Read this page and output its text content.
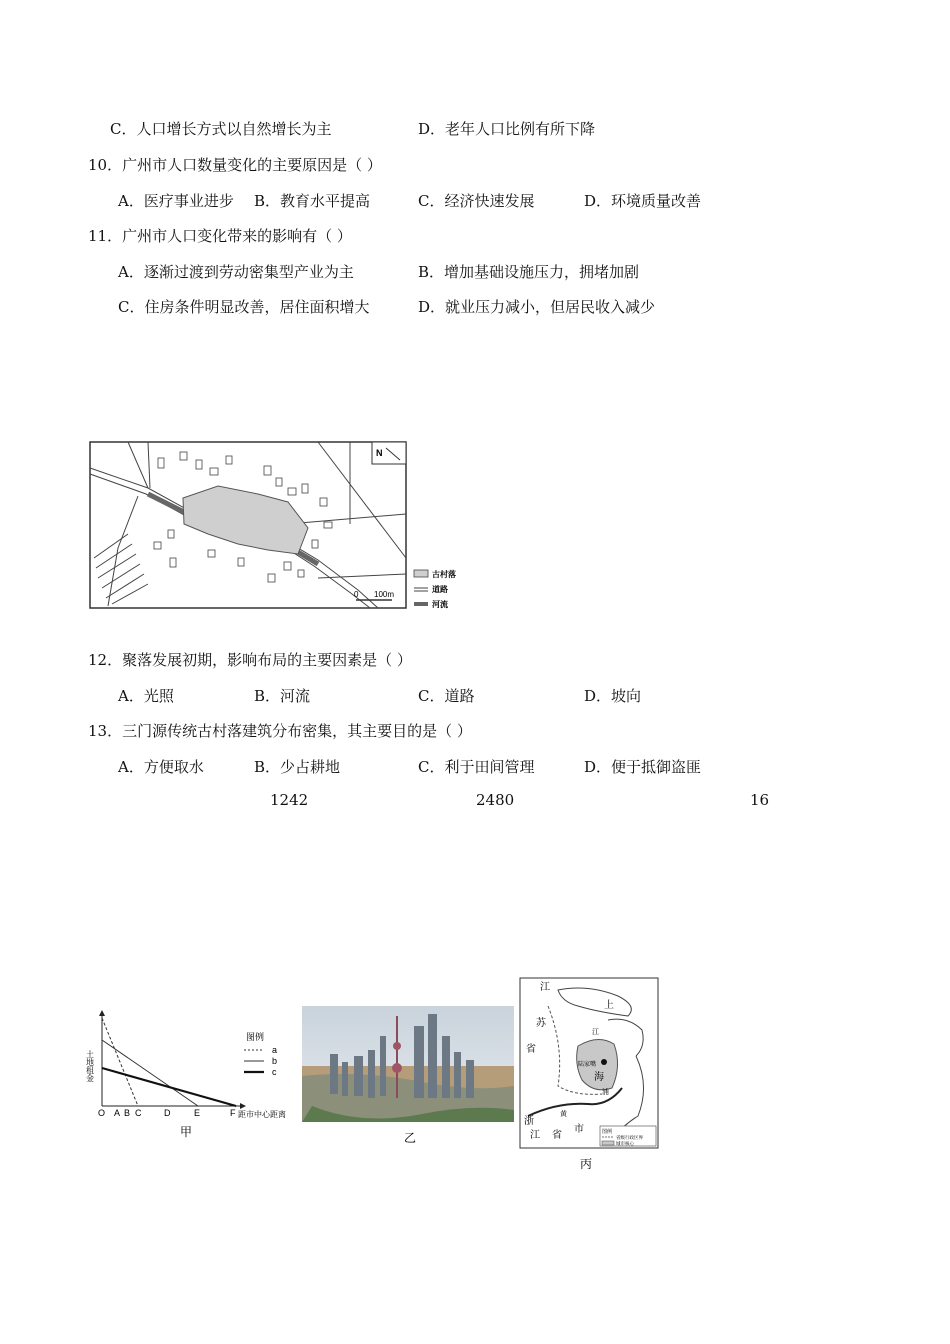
C．人口增长方式以自然增长为主	D．老年人口比例有所下降
10．广州市人口数量变化的主要原因是（ ）
A．医疗事业进步 B．教育水平提高	C．经济快速发展	D．环境质量改善
11．广州市人口变化带来的影响有（ ）
A．逐渐过渡到劳动密集型产业为主	B．增加基础设施压力，拥堵加剧
C．住房条件明显改善，居住面积增大	D．就业压力减小，但居民收入减少
N
0 100m
古村落
道路
河流
12．聚落发展初期，影响布局的主要因素是（ ）
A．光照	B．河流	C．道路	D．坡向
13．三门源传统古村落建筑分布密集，其主要目的是（ ）
A．方便取水	B．少占耕地	C．利于田间管理	D．便于抵御盗匪
1242	2480	16
土地租金
O A B C	D	E	F 距市中心距离
图例
a
b
c
甲	乙
陆家嘴
江
苏
省
上
江
海
浙
江 省
黄
市
浦
图例
省级行政区界
城市核心
丙
